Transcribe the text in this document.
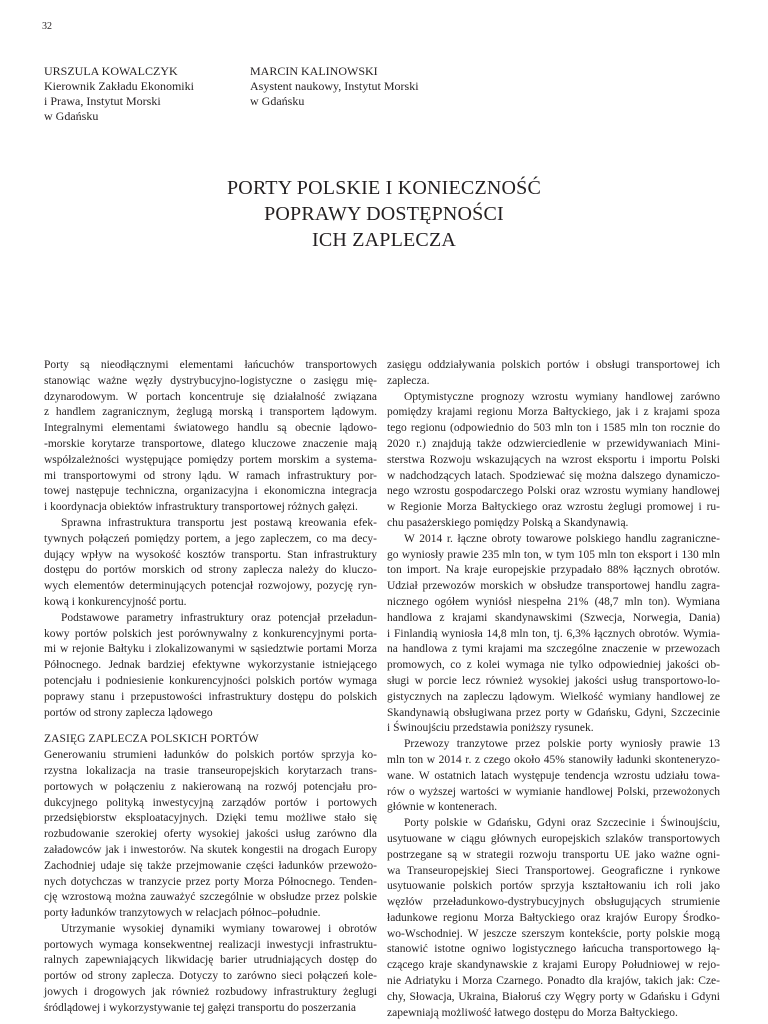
32
URSZULA KOWALCZYK
Kierownik Zakładu Ekonomiki
i Prawa, Instytut Morski
w Gdańsku
MARCIN KALINOWSKI
Asystent naukowy, Instytut Morski
w Gdańsku
PORTY POLSKIE I KONIECZNOŚĆ
POPRAWY DOSTĘPNOŚCI
ICH ZAPLECZA
Porty są nieodłącznymi elementami łańcuchów transportowych
stanowiąc ważne węzły dystrybucyjno-logistyczne o zasięgu mię-
dzynarodowym. W portach koncentruje się działalność związana
z handlem zagranicznym, żeglugą morską i transportem lądowym.
Integralnymi elementami światowego handlu są obecnie lądowo-
-morskie korytarze transportowe, dlatego kluczowe znaczenie mają
współzależności występujące pomiędzy portem morskim a systema-
mi transportowymi od strony lądu. W ramach infrastruktury por-
towej następuje techniczna, organizacyjna i ekonomiczna integracja
i koordynacja obiektów infrastruktury transportowej różnych gałęzi.
Sprawna infrastruktura transportu jest postawą kreowania efek-
tywnych połączeń pomiędzy portem, a jego zapleczem, co ma decy-
dujący wpływ na wysokość kosztów transportu. Stan infrastruktury
dostępu do portów morskich od strony zaplecza należy do kluczo-
wych elementów determinujących potencjał rozwojowy, pozycję ryn-
kową i konkurencyjność portu.
Podstawowe parametry infrastruktury oraz potencjał przeładun-
kowy portów polskich jest porównywalny z konkurencyjnymi porta-
mi w rejonie Bałtyku i zlokalizowanymi w sąsiedztwie portami Morza
Północnego. Jednak bardziej efektywne wykorzystanie istniejącego
potencjału i podniesienie konkurencyjności polskich portów wymaga
poprawy stanu i przepustowości infrastruktury dostępu do polskich
portów od strony zaplecza lądowego
ZASIĘG ZAPLECZA POLSKICH PORTÓW
Generowaniu strumieni ładunków do polskich portów sprzyja ko-
rzystna lokalizacja na trasie transeuropejskich korytarzach trans-
portowych w połączeniu z nakierowaną na rozwój potencjału pro-
dukcyjnego polityką inwestycyjną zarządów portów i portowych
przedsiębiorstw eksploatacyjnych. Dzięki temu możliwe stało się
rozbudowanie szerokiej oferty wysokiej jakości usług zarówno dla
załadowców jak i inwestorów. Na skutek kongestii na drogach Europy
Zachodniej udaje się także przejmowanie części ładunków przewożo-
nych dotychczas w tranzycie przez porty Morza Północnego. Tenden-
cję wzrostową można zauważyć szczególnie w obsłudze przez polskie
porty ładunków tranzytowych w relacjach północ–południe.
Utrzymanie wysokiej dynamiki wymiany towarowej i obrotów
portowych wymaga konsekwentnej realizacji inwestycji infrastruktu-
ralnych zapewniających likwidację barier utrudniających dostęp do
portów od strony zaplecza. Dotyczy to zarówno sieci połączeń kole-
jowych i drogowych jak również rozbudowy infrastruktury żeglugi
śródlądowej i wykorzystywanie tej gałęzi transportu do poszerzania
zasięgu oddziaływania polskich portów i obsługi transportowej ich
zaplecza.
Optymistyczne prognozy wzrostu wymiany handlowej zarówno
pomiędzy krajami regionu Morza Bałtyckiego, jak i z krajami spoza
tego regionu (odpowiednio do 503 mln ton i 1585 mln ton rocznie do
2020 r.) znajdują także odzwierciedlenie w przewidywaniach Mini-
sterstwa Rozwoju wskazujących na wzrost eksportu i importu Polski
w nadchodzących latach. Spodziewać się można dalszego dynamiczo-
nego wzrostu gospodarczego Polski oraz wzrostu wymiany handlowej
w Regionie Morza Bałtyckiego oraz wzrostu żeglugi promowej i ru-
chu pasażerskiego pomiędzy Polską a Skandynawią.
W 2014 r. łączne obroty towarowe polskiego handlu zagraniczne-
go wyniosły prawie 235 mln ton, w tym 105 mln ton eksport i 130 mln
ton import. Na kraje europejskie przypadało 88% łącznych obrotów.
Udział przewozów morskich w obsłudze transportowej handlu zagra-
nicznego ogółem wyniósł niespełna 21% (48,7 mln ton). Wymiana
handlowa z krajami skandynawskimi (Szwecja, Norwegia, Dania)
i Finlandią wyniosła 14,8 mln ton, tj. 6,3% łącznych obrotów. Wymia-
na handlowa z tymi krajami ma szczególne znaczenie w przewozach
promowych, co z kolei wymaga nie tylko odpowiedniej jakości ob-
sługi w porcie lecz również wysokiej jakości usług transportowo-lo-
gistycznych na zapleczu lądowym. Wielkość wymiany handlowej ze
Skandynawią obsługiwana przez porty w Gdańsku, Gdyni, Szczecinie
i Świnoujściu przedstawia poniższy rysunek.
Przewozy tranzytowe przez polskie porty wyniosły prawie 13
mln ton w 2014 r. z czego około 45% stanowiły ładunki skonteneryzo-
wane. W ostatnich latach występuje tendencja wzrostu udziału towa-
rów o wyższej wartości w wymianie handlowej Polski, przewożonych
głównie w kontenerach.
Porty polskie w Gdańsku, Gdyni oraz Szczecinie i Świnoujściu,
usytuowane w ciągu głównych europejskich szlaków transportowych
postrzegane są w strategii rozwoju transportu UE jako ważne ogni-
wa Transeuropejskiej Sieci Transportowej. Geograficzne i rynkowe
usytuowanie polskich portów sprzyja kształtowaniu ich roli jako
węzłów przeładunkowo-dystrybucyjnych obsługujących strumienie
ładunkowe regionu Morza Bałtyckiego oraz krajów Europy Środko-
wo-Wschodniej. W jeszcze szerszym kontekście, porty polskie mogą
stanowić istotne ogniwo logistycznego łańcucha transportowego łą-
czącego kraje skandynawskie z krajami Europy Południowej w rejo-
nie Adriatyku i Morza Czarnego. Ponadto dla krajów, takich jak: Cze-
chy, Słowacja, Ukraina, Białoruś czy Węgry porty w Gdańsku i Gdyni
zapewniają możliwość łatwego dostępu do Morza Bałtyckiego.
